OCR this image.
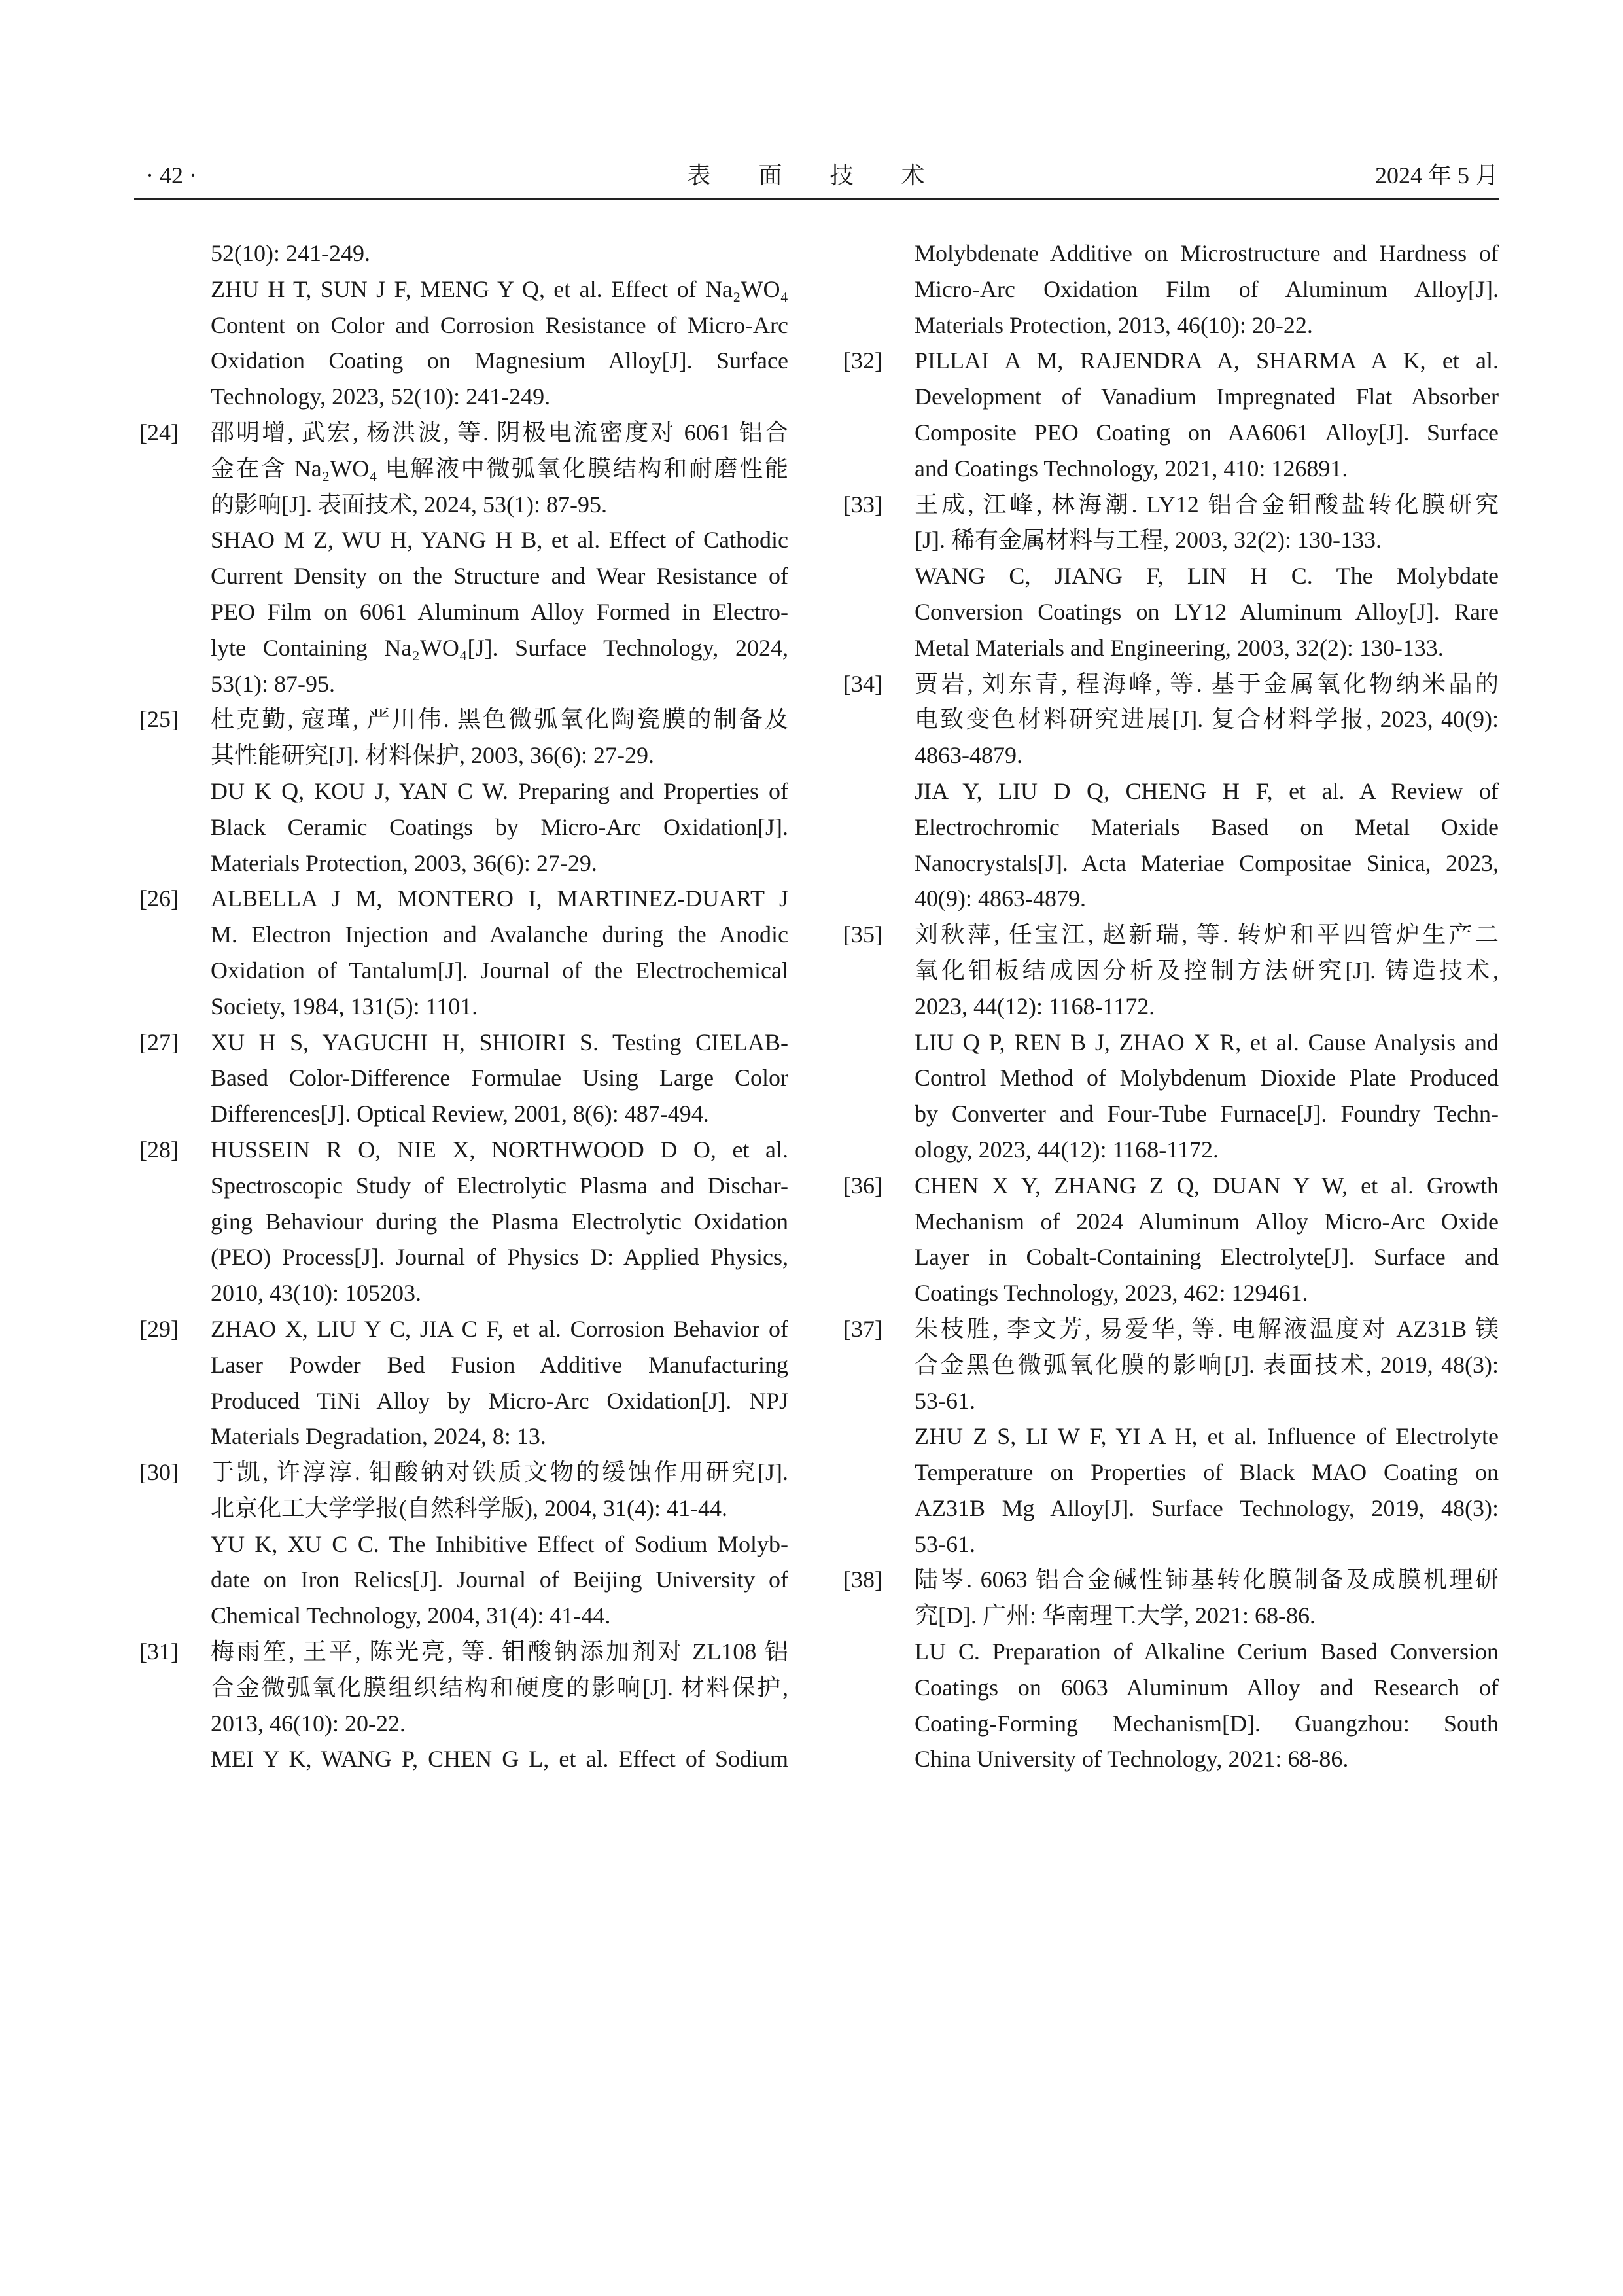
· 42 ·	表 面 技 术	2024 年 5 月
52(10): 241-249.
ZHU H T, SUN J F, MENG Y Q, et al. Effect of Na₂WO₄
Content on Color and Corrosion Resistance of Micro-Arc
Oxidation Coating on Magnesium Alloy[J]. Surface
Technology, 2023, 52(10): 241-249.
[24] 邵明增, 武宏, 杨洪波, 等. 阴极电流密度对 6061 铝合
金在含 Na₂WO₄ 电解液中微弧氧化膜结构和耐磨性能
的影响[J]. 表面技术, 2024, 53(1): 87-95.
SHAO M Z, WU H, YANG H B, et al. Effect of Cathodic
Current Density on the Structure and Wear Resistance of
PEO Film on 6061 Aluminum Alloy Formed in Electro-
lyte Containing Na₂WO₄[J]. Surface Technology, 2024,
53(1): 87-95.
[25] 杜克勤, 寇瑾, 严川伟. 黑色微弧氧化陶瓷膜的制备及
其性能研究[J]. 材料保护, 2003, 36(6): 27-29.
DU K Q, KOU J, YAN C W. Preparing and Properties of
Black Ceramic Coatings by Micro-Arc Oxidation[J].
Materials Protection, 2003, 36(6): 27-29.
[26] ALBELLA J M, MONTERO I, MARTINEZ-DUART J
M. Electron Injection and Avalanche during the Anodic
Oxidation of Tantalum[J]. Journal of the Electrochemical
Society, 1984, 131(5): 1101.
[27] XU H S, YAGUCHI H, SHIOIRI S. Testing CIELAB-
Based Color-Difference Formulae Using Large Color
Differences[J]. Optical Review, 2001, 8(6): 487-494.
[28] HUSSEIN R O, NIE X, NORTHWOOD D O, et al.
Spectroscopic Study of Electrolytic Plasma and Dischar-
ging Behaviour during the Plasma Electrolytic Oxidation
(PEO) Process[J]. Journal of Physics D: Applied Physics,
2010, 43(10): 105203.
[29] ZHAO X, LIU Y C, JIA C F, et al. Corrosion Behavior of
Laser Powder Bed Fusion Additive Manufacturing
Produced TiNi Alloy by Micro-Arc Oxidation[J]. NPJ
Materials Degradation, 2024, 8: 13.
[30] 于凯, 许淳淳. 钼酸钠对铁质文物的缓蚀作用研究[J].
北京化工大学学报(自然科学版), 2004, 31(4): 41-44.
YU K, XU C C. The Inhibitive Effect of Sodium Molyb-
date on Iron Relics[J]. Journal of Beijing University of
Chemical Technology, 2004, 31(4): 41-44.
[31] 梅雨笙, 王平, 陈光亮, 等. 钼酸钠添加剂对 ZL108 铝
合金微弧氧化膜组织结构和硬度的影响[J]. 材料保护,
2013, 46(10): 20-22.
MEI Y K, WANG P, CHEN G L, et al. Effect of Sodium
Molybdenate Additive on Microstructure and Hardness of
Micro-Arc Oxidation Film of Aluminum Alloy[J].
Materials Protection, 2013, 46(10): 20-22.
[32] PILLAI A M, RAJENDRA A, SHARMA A K, et al.
Development of Vanadium Impregnated Flat Absorber
Composite PEO Coating on AA6061 Alloy[J]. Surface
and Coatings Technology, 2021, 410: 126891.
[33] 王成, 江峰, 林海潮. LY12 铝合金钼酸盐转化膜研究
[J]. 稀有金属材料与工程, 2003, 32(2): 130-133.
WANG C, JIANG F, LIN H C. The Molybdate
Conversion Coatings on LY12 Aluminum Alloy[J]. Rare
Metal Materials and Engineering, 2003, 32(2): 130-133.
[34] 贾岩, 刘东青, 程海峰, 等. 基于金属氧化物纳米晶的
电致变色材料研究进展[J]. 复合材料学报, 2023, 40(9):
4863-4879.
JIA Y, LIU D Q, CHENG H F, et al. A Review of
Electrochromic Materials Based on Metal Oxide
Nanocrystals[J]. Acta Materiae Compositae Sinica, 2023,
40(9): 4863-4879.
[35] 刘秋萍, 任宝江, 赵新瑞, 等. 转炉和平四管炉生产二
氧化钼板结成因分析及控制方法研究[J]. 铸造技术,
2023, 44(12): 1168-1172.
LIU Q P, REN B J, ZHAO X R, et al. Cause Analysis and
Control Method of Molybdenum Dioxide Plate Produced
by Converter and Four-Tube Furnace[J]. Foundry Techn-
ology, 2023, 44(12): 1168-1172.
[36] CHEN X Y, ZHANG Z Q, DUAN Y W, et al. Growth
Mechanism of 2024 Aluminum Alloy Micro-Arc Oxide
Layer in Cobalt-Containing Electrolyte[J]. Surface and
Coatings Technology, 2023, 462: 129461.
[37] 朱枝胜, 李文芳, 易爱华, 等. 电解液温度对 AZ31B 镁
合金黑色微弧氧化膜的影响[J]. 表面技术, 2019, 48(3):
53-61.
ZHU Z S, LI W F, YI A H, et al. Influence of Electrolyte
Temperature on Properties of Black MAO Coating on
AZ31B Mg Alloy[J]. Surface Technology, 2019, 48(3):
53-61.
[38] 陆岑. 6063 铝合金碱性铈基转化膜制备及成膜机理研
究[D]. 广州: 华南理工大学, 2021: 68-86.
LU C. Preparation of Alkaline Cerium Based Conversion
Coatings on 6063 Aluminum Alloy and Research of
Coating-Forming Mechanism[D]. Guangzhou: South
China University of Technology, 2021: 68-86.
